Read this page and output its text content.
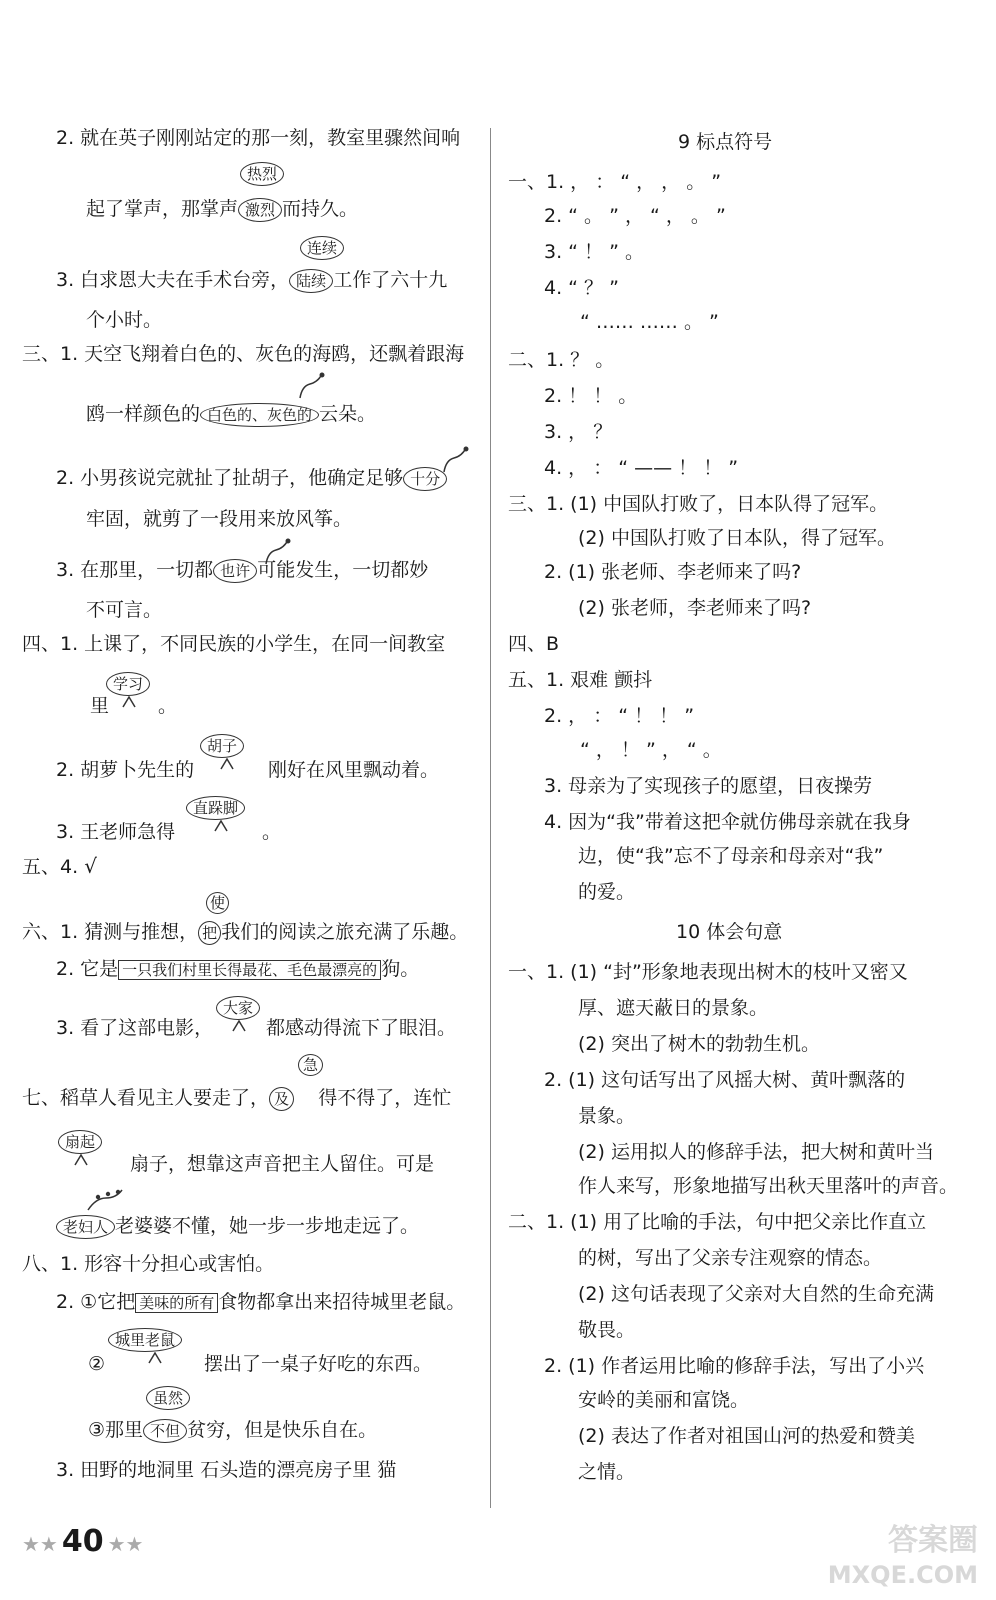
2. 就在英子刚刚站定的那一刻，教室里骤然间响
热烈
起了掌声，那掌声 激烈 而持久。
连续
3. 白求恩大夫在手术台旁， 陆续 工作了六十九
个小时。
三、1. 天空飞翔着白色的、灰色的海鸥，还飘着跟海
鸥一样颜色的 白色的、灰色的 云朵。
2. 小男孩说完就扯了扯胡子，他确定足够 十分
牢固，就剪了一段用来放风筝。
3. 在那里，一切都 也许 可能发生，一切都妙
不可言。
四、1. 上课了，不同民族的小学生，在同一间教室
学习
里	。
胡子
2. 胡萝卜先生的	刚好在风里飘动着。
直跺脚
3. 王老师急得	。
五、4. √
使
六、1. 猜测与推想， 把 我们的阅读之旅充满了乐趣。
2. 它是 一只我们村里长得最花、毛色最漂亮的 狗。
大家
3. 看了这部电影，	都感动得流下了眼泪。
急
七、稻草人看见主人要走了， 及 得不得了，连忙
扇起
扇子，想靠这声音把主人留住。可是
老妇人 老婆婆不懂，她一步一步地走远了。
八、1. 形容十分担心或害怕。
2. ①它把 美味的所有 食物都拿出来招待城里老鼠。
城里老鼠
②	摆出了一桌子好吃的东西。
虽然
③那里 不但 贫穷，但是快乐自在。
3. 田野的地洞里 石头造的漂亮房子里 猫
9 标点符号
一、1. ， ： “ ， ， 。 ”
2. “ 。 ” ， “ ， 。 ”
3. “ ！ ” 。
4. “ ？ ”
“ …… …… 。 ”
二、1. ？ 。
2. ！ ！ 。
3. ， ？
4. ， ： “ —— ！ ！ ”
三、1. (1) 中国队打败了，日本队得了冠军。
(2) 中国队打败了日本队，得了冠军。
2. (1) 张老师、李老师来了吗?
(2) 张老师，李老师来了吗?
四、B
五、1. 艰难 颤抖
2. ， ： “ ！ ！ ”
“ ， ！ ” ， “ 。
3. 母亲为了实现孩子的愿望，日夜操劳
4. 因为“我”带着这把伞就仿佛母亲就在我身
边，使“我”忘不了母亲和母亲对“我”
的爱。
10 体会句意
一、1. (1) “封”形象地表现出树木的枝叶又密又
厚、遮天蔽日的景象。
(2) 突出了树木的勃勃生机。
2. (1) 这句话写出了风摇大树、黄叶飘落的
景象。
(2) 运用拟人的修辞手法，把大树和黄叶当
作人来写，形象地描写出秋天里落叶的声音。
二、1. (1) 用了比喻的手法，句中把父亲比作直立
的树，写出了父亲专注观察的情态。
(2) 这句话表现了父亲对大自然的生命充满
敬畏。
2. (1) 作者运用比喻的修辞手法，写出了小兴
安岭的美丽和富饶。
(2) 表达了作者对祖国山河的热爱和赞美
之情。
★★ 40 ★★	答案圈
MXQE.COM
